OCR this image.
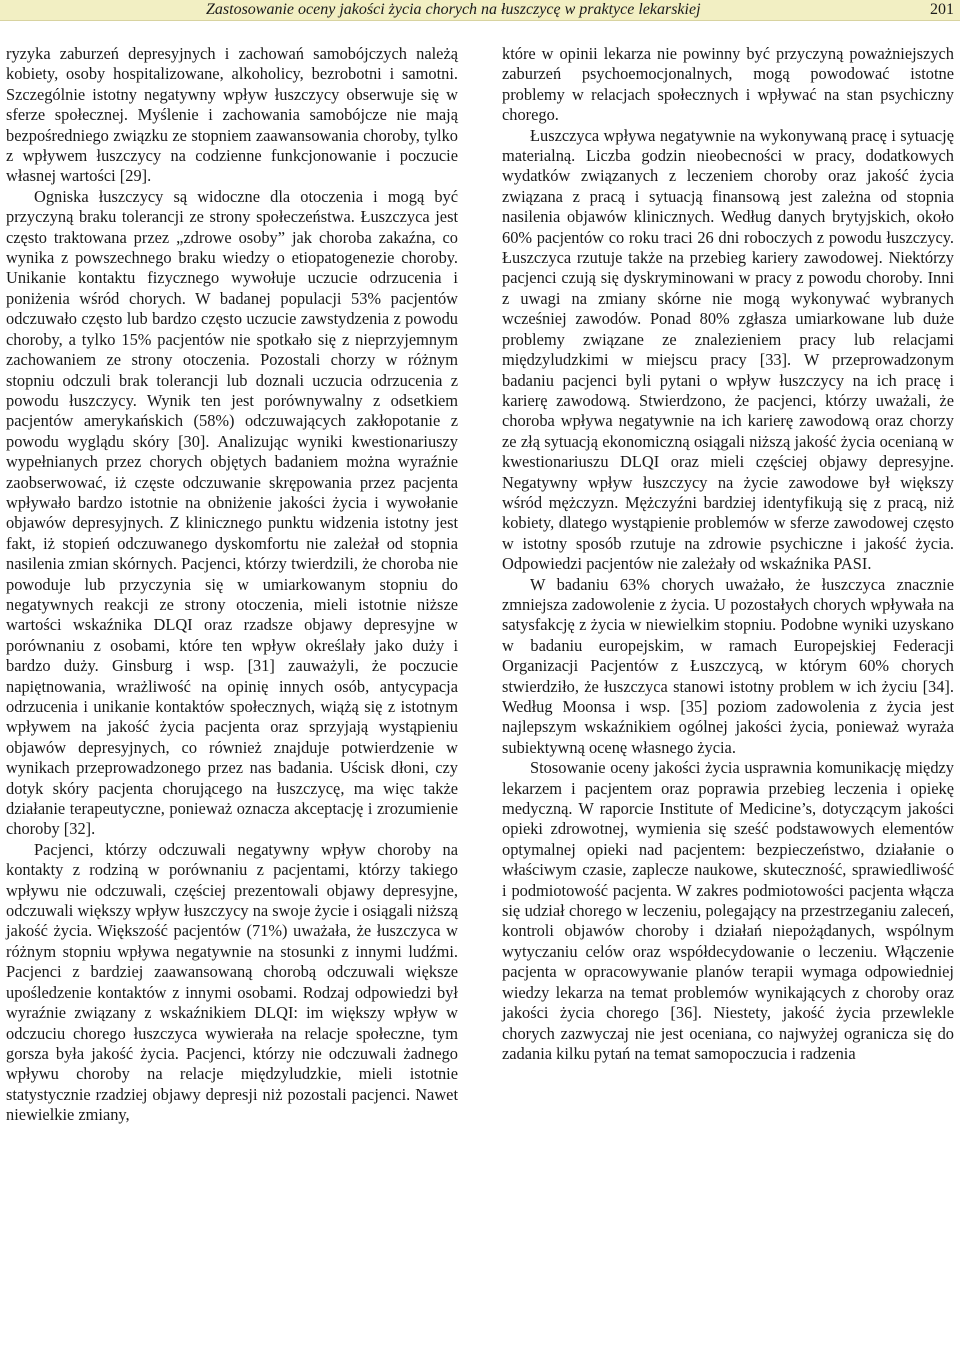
Zastosowanie oceny jakości życia chorych na łuszczycę w praktyce lekarskiej	201

ryzyka zaburzeń depresyjnych i zachowań samobójczych należą kobiety, osoby hospitalizowane, alkoholicy, bezrobotni i samotni. Szczególnie istotny negatywny wpływ łuszczycy obserwuje się w sferze społecznej. Myślenie i zachowania samobójcze nie mają bezpośredniego związku ze stopniem zaawansowania choroby, tylko z wpływem łuszczycy na codzienne funkcjonowanie i poczucie własnej wartości [29].

Ogniska łuszczycy są widoczne dla otoczenia i mogą być przyczyną braku tolerancji ze strony społeczeństwa. Łuszczyca jest często traktowana przez „zdrowe osoby” jak choroba zakaźna, co wynika z powszechnego braku wiedzy o etiopatogenezie choroby. Unikanie kontaktu fizycznego wywołuje uczucie odrzucenia i poniżenia wśród chorych. W badanej populacji 53% pacjentów odczuwało często lub bardzo często uczucie zawstydzenia z powodu choroby, a tylko 15% pacjentów nie spotkało się z nieprzyjemnym zachowaniem ze strony otoczenia. Pozostali chorzy w różnym stopniu odczuli brak tolerancji lub doznali uczucia odrzucenia z powodu łuszczycy. Wynik ten jest porównywalny z odsetkiem pacjentów amerykańskich (58%) odczuwających zakłopotanie z powodu wyglądu skóry [30]. Analizując wyniki kwestionariuszy wypełnianych przez chorych objętych badaniem można wyraźnie zaobserwować, iż częste odczuwanie skrępowania przez pacjenta wpływało bardzo istotnie na obniżenie jakości życia i wywołanie objawów depresyjnych. Z klinicznego punktu widzenia istotny jest fakt, iż stopień odczuwanego dyskomfortu nie zależał od stopnia nasilenia zmian skórnych. Pacjenci, którzy twierdzili, że choroba nie powoduje lub przyczynia się w umiarkowanym stopniu do negatywnych reakcji ze strony otoczenia, mieli istotnie niższe wartości wskaźnika DLQI oraz rzadsze objawy depresyjne w porównaniu z osobami, które ten wpływ określały jako duży i bardzo duży. Ginsburg i wsp. [31] zauważyli, że poczucie napiętnowania, wrażliwość na opinię innych osób, antycypacja odrzucenia i unikanie kontaktów społecznych, wiążą się z istotnym wpływem na jakość życia pacjenta oraz sprzyjają wystąpieniu objawów depresyjnych, co również znajduje potwierdzenie w wynikach przeprowadzonego przez nas badania. Uścisk dłoni, czy dotyk skóry pacjenta chorującego na łuszczycę, ma więc także działanie terapeutyczne, ponieważ oznacza akceptację i zrozumienie choroby [32].

Pacjenci, którzy odczuwali negatywny wpływ choroby na kontakty z rodziną w porównaniu z pacjentami, którzy takiego wpływu nie odczuwali, częściej prezentowali objawy depresyjne, odczuwali większy wpływ łuszczycy na swoje życie i osiągali niższą jakość życia. Większość pacjentów (71%) uważała, że łuszczyca w różnym stopniu wpływa negatywnie na stosunki z innymi ludźmi. Pacjenci z bardziej zaawansowaną chorobą odczuwali większe upośledzenie kontaktów z innymi osobami. Rodzaj odpowiedzi był wyraźnie związany z wskaźnikiem DLQI: im większy wpływ w odczuciu chorego łuszczyca wywierała na relacje społeczne, tym gorsza była jakość życia. Pacjenci, którzy nie odczuwali żadnego wpływu choroby na relacje międzyludzkie, mieli istotnie statystycznie rzadziej objawy depresji niż pozostali pacjenci. Nawet niewielkie zmiany,

które w opinii lekarza nie powinny być przyczyną poważniejszych zaburzeń psychoemocjonalnych, mogą powodować istotne problemy w relacjach społecznych i wpływać na stan psychiczny chorego.

Łuszczyca wpływa negatywnie na wykonywaną pracę i sytuację materialną. Liczba godzin nieobecności w pracy, dodatkowych wydatków związanych z leczeniem choroby oraz jakość życia związana z pracą i sytuacją finansową jest zależna od stopnia nasilenia objawów klinicznych. Według danych brytyjskich, około 60% pacjentów co roku traci 26 dni roboczych z powodu łuszczycy. Łuszczyca rzutuje także na przebieg kariery zawodowej. Niektórzy pacjenci czują się dyskryminowani w pracy z powodu choroby. Inni z uwagi na zmiany skórne nie mogą wykonywać wybranych wcześniej zawodów. Ponad 80% zgłasza umiarkowane lub duże problemy związane ze znalezieniem pracy lub relacjami międzyludzkimi w miejscu pracy [33]. W przeprowadzonym badaniu pacjenci byli pytani o wpływ łuszczycy na ich pracę i karierę zawodową. Stwierdzono, że pacjenci, którzy uważali, że choroba wpływa negatywnie na ich karierę zawodową oraz chorzy ze złą sytuacją ekonomiczną osiągali niższą jakość życia ocenianą w kwestionariuszu DLQI oraz mieli częściej objawy depresyjne. Negatywny wpływ łuszczycy na życie zawodowe był większy wśród mężczyzn. Mężczyźni bardziej identyfikują się z pracą, niż kobiety, dlatego wystąpienie problemów w sferze zawodowej często w istotny sposób rzutuje na zdrowie psychiczne i jakość życia. Odpowiedzi pacjentów nie zależały od wskaźnika PASI.

W badaniu 63% chorych uważało, że łuszczyca znacznie zmniejsza zadowolenie z życia. U pozostałych chorych wpływała na satysfakcję z życia w niewielkim stopniu. Podobne wyniki uzyskano w badaniu europejskim, w ramach Europejskiej Federacji Organizacji Pacjentów z Łuszczycą, w którym 60% chorych stwierdziło, że łuszczyca stanowi istotny problem w ich życiu [34]. Według Moonsa i wsp. [35] poziom zadowolenia z życia jest najlepszym wskaźnikiem ogólnej jakości życia, ponieważ wyraża subiektywną ocenę własnego życia.

Stosowanie oceny jakości życia usprawnia komunikację między lekarzem i pacjentem oraz poprawia przebieg leczenia i opiekę medyczną. W raporcie Institute of Medicine’s, dotyczącym jakości opieki zdrowotnej, wymienia się sześć podstawowych elementów optymalnej opieki nad pacjentem: bezpieczeństwo, działanie o właściwym czasie, zaplecze naukowe, skuteczność, sprawiedliwość i podmiotowość pacjenta. W zakres podmiotowości pacjenta włącza się udział chorego w leczeniu, polegający na przestrzeganiu zaleceń, kontroli objawów choroby i działań niepożądanych, wspólnym wytyczaniu celów oraz współdecydowanie o leczeniu. Włączenie pacjenta w opracowywanie planów terapii wymaga odpowiedniej wiedzy lekarza na temat problemów wynikających z choroby oraz jakości życia chorego [36]. Niestety, jakość życia przewlekle chorych zazwyczaj nie jest oceniana, co najwyżej ogranicza się do zadania kilku pytań na temat samopoczucia i radzenia
